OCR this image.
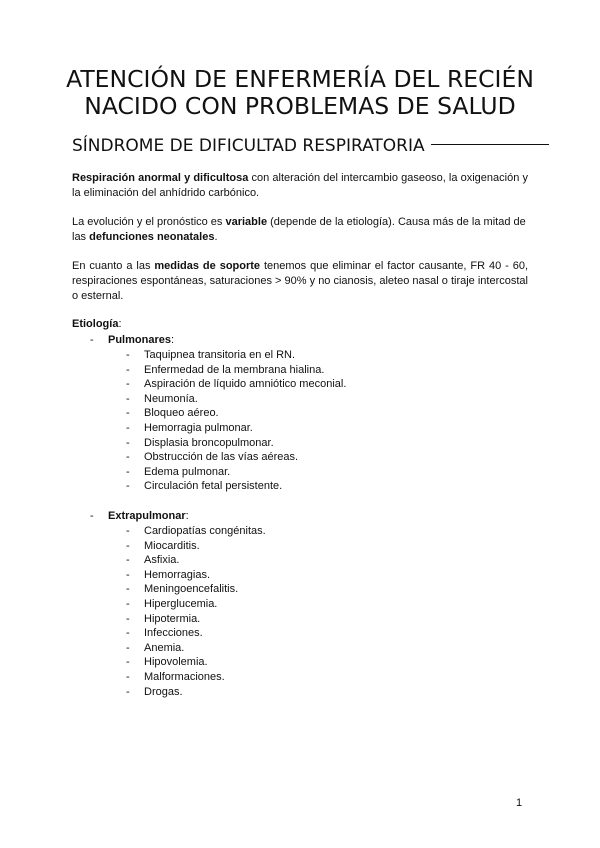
ATENCIÓN DE ENFERMERÍA DEL RECIÉN
NACIDO CON PROBLEMAS DE SALUD
SÍNDROME DE DIFICULTAD RESPIRATORIA
Respiración anormal y dificultosa con alteración del intercambio gaseoso, la oxigenación y la eliminación del anhídrido carbónico.
La evolución y el pronóstico es variable (depende de la etiología). Causa más de la mitad de las defunciones neonatales.
En cuanto a las medidas de soporte tenemos que eliminar el factor causante, FR 40 - 60, respiraciones espontáneas, saturaciones > 90% y no cianosis, aleteo nasal o tiraje intercostal o esternal.
Etiología:
- Pulmonares:
- Taquipnea transitoria en el RN.
- Enfermedad de la membrana hialina.
- Aspiración de líquido amniótico meconial.
- Neumonía.
- Bloqueo aéreo.
- Hemorragia pulmonar.
- Displasia broncopulmonar.
- Obstrucción de las vías aéreas.
- Edema pulmonar.
- Circulación fetal persistente.
- Extrapulmonar:
- Cardiopatías congénitas.
- Miocarditis.
- Asfixia.
- Hemorragias.
- Meningoencefalitis.
- Hiperglucemia.
- Hipotermia.
- Infecciones.
- Anemia.
- Hipovolemia.
- Malformaciones.
- Drogas.
1
